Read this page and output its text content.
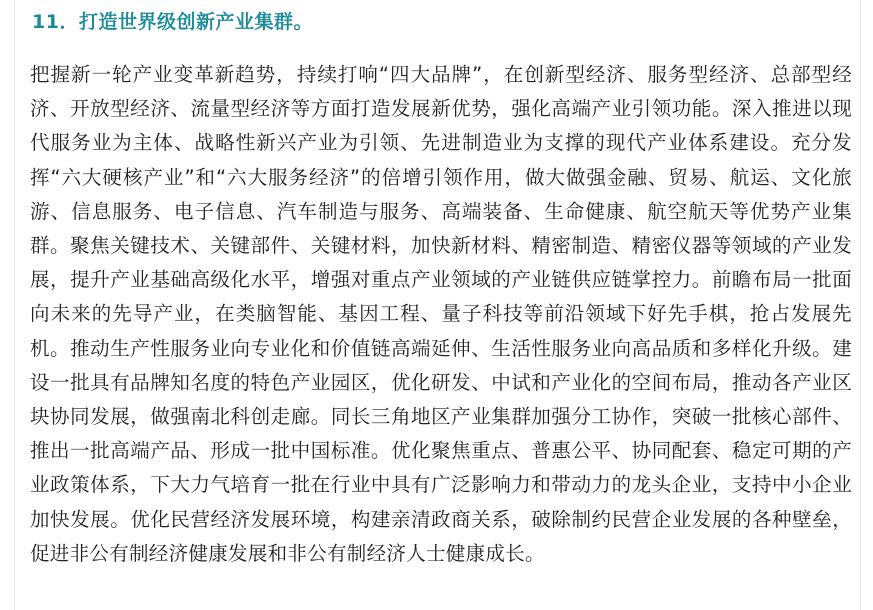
11．打造世界级创新产业集群。

把握新一轮产业变革新趋势，持续打响“四大品牌”，在创新型经济、服务型经济、总部型经济、开放型经济、流量型经济等方面打造发展新优势，强化高端产业引领功能。深入推进以现代服务业为主体、战略性新兴产业为引领、先进制造业为支撑的现代产业体系建设。充分发挥“六大硬核产业”和“六大服务经济”的倍增引领作用，做大做强金融、贸易、航运、文化旅游、信息服务、电子信息、汽车制造与服务、高端装备、生命健康、航空航天等优势产业集群。聚焦关键技术、关键部件、关键材料，加快新材料、精密制造、精密仪器等领域的产业发展，提升产业基础高级化水平，增强对重点产业领域的产业链供应链掌控力。前瞻布局一批面向未来的先导产业，在类脑智能、基因工程、量子科技等前沿领域下好先手棋，抢占发展先机。推动生产性服务业向专业化和价值链高端延伸、生活性服务业向高品质和多样化升级。建设一批具有品牌知名度的特色产业园区，优化研发、中试和产业化的空间布局，推动各产业区块协同发展，做强南北科创走廊。同长三角地区产业集群加强分工协作，突破一批核心部件、推出一批高端产品、形成一批中国标准。优化聚焦重点、普惠公平、协同配套、稳定可期的产业政策体系，下大力气培育一批在行业中具有广泛影响力和带动力的龙头企业，支持中小企业加快发展。优化民营经济发展环境，构建亲清政商关系，破除制约民营企业发展的各种壁垒，促进非公有制经济健康发展和非公有制经济人士健康成长。
